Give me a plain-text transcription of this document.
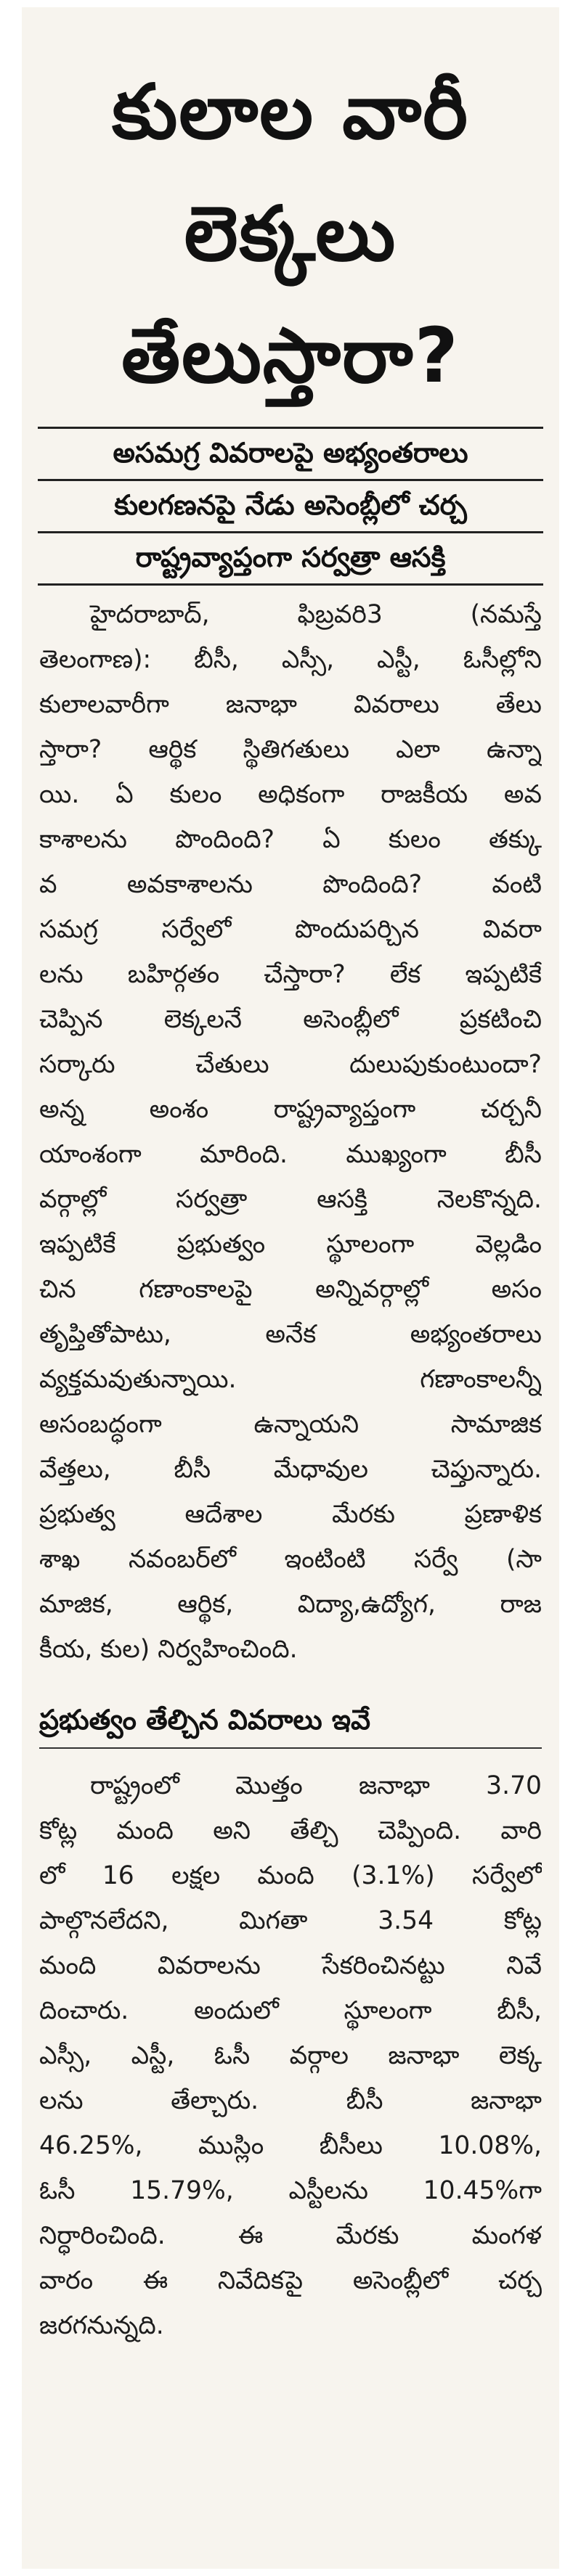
కులాల వారీ
లెక్కలు
తేలుస్తారా?
అసమగ్ర వివరాలపై అభ్యంతరాలు
కులగణనపై నేడు అసెంబ్లీలో చర్చ
రాష్ట్రవ్యాప్తంగా సర్వత్రా ఆసక్తి
హైదరాబాద్, ఫిబ్రవరి3 (నమస్తే
తెలంగాణ): బీసీ, ఎస్సీ, ఎస్టీ, ఓసీల్లోని
కులాలవారీగా జనాభా వివరాలు తేలు
స్తారా? ఆర్థిక స్థితిగతులు ఎలా ఉన్నా
యి. ఏ కులం అధికంగా రాజకీయ అవ
కాశాలను పొందింది? ఏ కులం తక్కు
వ అవకాశాలను పొందింది? వంటి
సమగ్ర సర్వేలో పొందుపర్చిన వివరా
లను బహిర్గతం చేస్తారా? లేక ఇప్పటికే
చెప్పిన లెక్కలనే అసెంబ్లీలో ప్రకటించి
సర్కారు చేతులు దులుపుకుంటుందా?
అన్న అంశం రాష్ట్రవ్యాప్తంగా చర్చనీ
యాంశంగా మారింది. ముఖ్యంగా బీసీ
వర్గాల్లో సర్వత్రా ఆసక్తి నెలకొన్నది.
ఇప్పటికే ప్రభుత్వం స్థూలంగా వెల్లడిం
చిన గణాంకాలపై అన్నివర్గాల్లో అసం
తృప్తితోపాటు, అనేక అభ్యంతరాలు
వ్యక్తమవుతున్నాయి. గణాంకాలన్నీ
అసంబద్ధంగా ఉన్నాయని సామాజిక
వేత్తలు, బీసీ మేధావుల చెప్తున్నారు.
ప్రభుత్వ ఆదేశాల మేరకు ప్రణాళిక
శాఖ నవంబర్‌లో ఇంటింటి సర్వే (సా
మాజిక, ఆర్థిక, విద్యా,ఉద్యోగ, రాజ
కీయ, కుల) నిర్వహించింది.
ప్రభుత్వం తేల్చిన వివరాలు ఇవే
రాష్ట్రంలో మొత్తం జనాభా 3.70
కోట్ల మంది అని తేల్చి చెప్పింది. వారి
లో 16 లక్షల మంది (3.1%) సర్వేలో
పాల్గొనలేదని, మిగతా 3.54 కోట్ల
మంది వివరాలను సేకరించినట్టు నివే
దించారు. అందులో స్థూలంగా బీసీ,
ఎస్సీ, ఎస్టీ, ఓసీ వర్గాల జనాభా లెక్క
లను తేల్చారు. బీసీ జనాభా
46.25%, ముస్లిం బీసీలు 10.08%,
ఓసీ 15.79%, ఎస్టీలను 10.45%గా
నిర్ధారించింది. ఈ మేరకు మంగళ
వారం ఈ నివేదికపై అసెంబ్లీలో చర్చ
జరగనున్నది.
